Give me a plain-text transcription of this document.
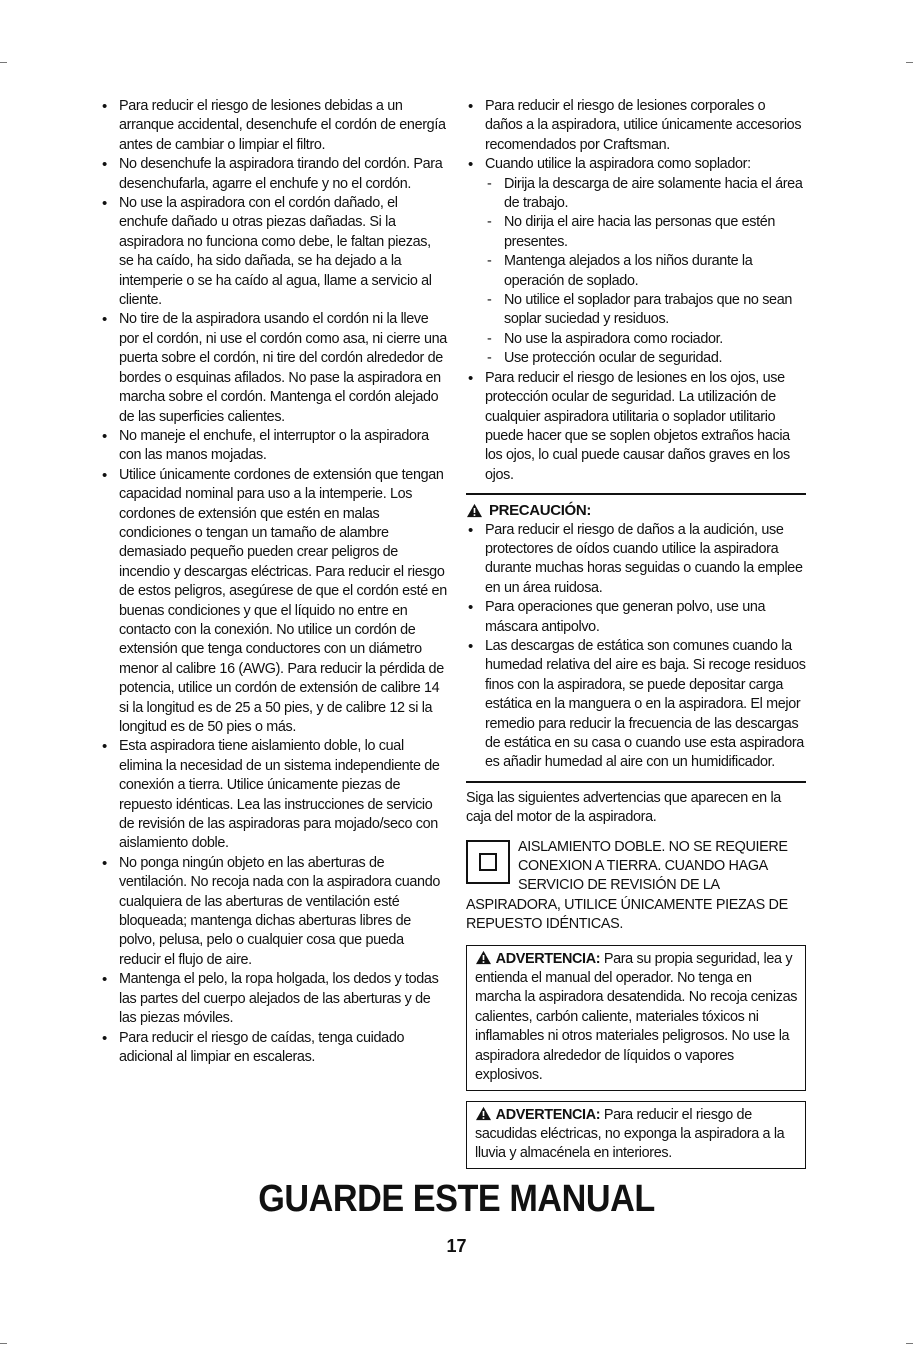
• Para reducir el riesgo de lesiones debidas a un arranque accidental, desenchufe el cordón de energía antes de cambiar o limpiar el filtro.
• No desenchufe la aspiradora tirando del cordón. Para desenchufarla, agarre el enchufe y no el cordón.
• No use la aspiradora con el cordón dañado, el enchufe dañado u otras piezas dañadas. Si la aspiradora no funciona como debe, le faltan piezas, se ha caído, ha sido dañada, se ha dejado a la intemperie o se ha caído al agua, llame a servicio al cliente.
• No tire de la aspiradora usando el cordón ni la lleve por el cordón, ni use el cordón como asa, ni cierre una puerta sobre el cordón, ni tire del cordón alrededor de bordes o esquinas afilados. No pase la aspiradora en marcha sobre el cordón. Mantenga el cordón alejado de las superficies calientes.
• No maneje el enchufe, el interruptor o la aspiradora con las manos mojadas.
• Utilice únicamente cordones de extensión que tengan capacidad nominal para uso a la intemperie. Los cordones de extensión que estén en malas condiciones o tengan un tamaño de alambre demasiado pequeño pueden crear peligros de incendio y descargas eléctricas. Para reducir el riesgo de estos peligros, asegúrese de que el cordón esté en buenas condiciones y que el líquido no entre en contacto con la conexión. No utilice un cordón de extensión que tenga conductores con un diámetro menor al calibre 16 (AWG). Para reducir la pérdida de potencia, utilice un cordón de extensión de calibre 14 si la longitud es de 25 a 50 pies, y de calibre 12 si la longitud es de 50 pies o más.
• Esta aspiradora tiene aislamiento doble, lo cual elimina la necesidad de un sistema independiente de conexión a tierra. Utilice únicamente piezas de repuesto idénticas. Lea las instrucciones de servicio de revisión de las aspiradoras para mojado/seco con aislamiento doble.
• No ponga ningún objeto en las aberturas de ventilación. No recoja nada con la aspiradora cuando cualquiera de las aberturas de ventilación esté bloqueada; mantenga dichas aberturas libres de polvo, pelusa, pelo o cualquier cosa que pueda reducir el flujo de aire.
• Mantenga el pelo, la ropa holgada, los dedos y todas las partes del cuerpo alejados de las aberturas y de las piezas móviles.
• Para reducir el riesgo de caídas, tenga cuidado adicional al limpiar en escaleras.
• Para reducir el riesgo de lesiones corporales o daños a la aspiradora, utilice únicamente accesorios recomendados por Craftsman.
• Cuando utilice la aspiradora como soplador:
- Dirija la descarga de aire solamente hacia el área de trabajo.
- No dirija el aire hacia las personas que estén presentes.
- Mantenga alejados a los niños durante la operación de soplado.
- No utilice el soplador para trabajos que no sean soplar suciedad y residuos.
- No use la aspiradora como rociador.
- Use protección ocular de seguridad.
• Para reducir el riesgo de lesiones en los ojos, use protección ocular de seguridad. La utilización de cualquier aspiradora utilitaria o soplador utilitario puede hacer que se soplen objetos extraños hacia los ojos, lo cual puede causar daños graves en los ojos.
PRECAUCIÓN:
• Para reducir el riesgo de daños a la audición, use protectores de oídos cuando utilice la aspiradora durante muchas horas seguidas o cuando la emplee en un área ruidosa.
• Para operaciones que generan polvo, use una máscara antipolvo.
• Las descargas de estática son comunes cuando la humedad relativa del aire es baja. Si recoge residuos finos con la aspiradora, se puede depositar carga estática en la manguera o en la aspiradora. El mejor remedio para reducir la frecuencia de las descargas de estática en su casa o cuando use esta aspiradora es añadir humedad al aire con un humidificador.

Siga las siguientes advertencias que aparecen en la caja del motor de la aspiradora.

AISLAMIENTO DOBLE. NO SE REQUIERE CONEXION A TIERRA. CUANDO HAGA SERVICIO DE REVISIÓN DE LA ASPIRADORA, UTILICE ÚNICAMENTE PIEZAS DE REPUESTO IDÉNTICAS.
ADVERTENCIA: Para su propia seguridad, lea y entienda el manual del operador. No tenga en marcha la aspiradora desatendida. No recoja cenizas calientes, carbón caliente, materiales tóxicos ni inflamables ni otros materiales peligrosos. No use la aspiradora alrededor de líquidos o vapores explosivos.
ADVERTENCIA: Para reducir el riesgo de sacudidas eléctricas, no exponga la aspiradora a la lluvia y almacénela en interiores.
GUARDE ESTE MANUAL
17
